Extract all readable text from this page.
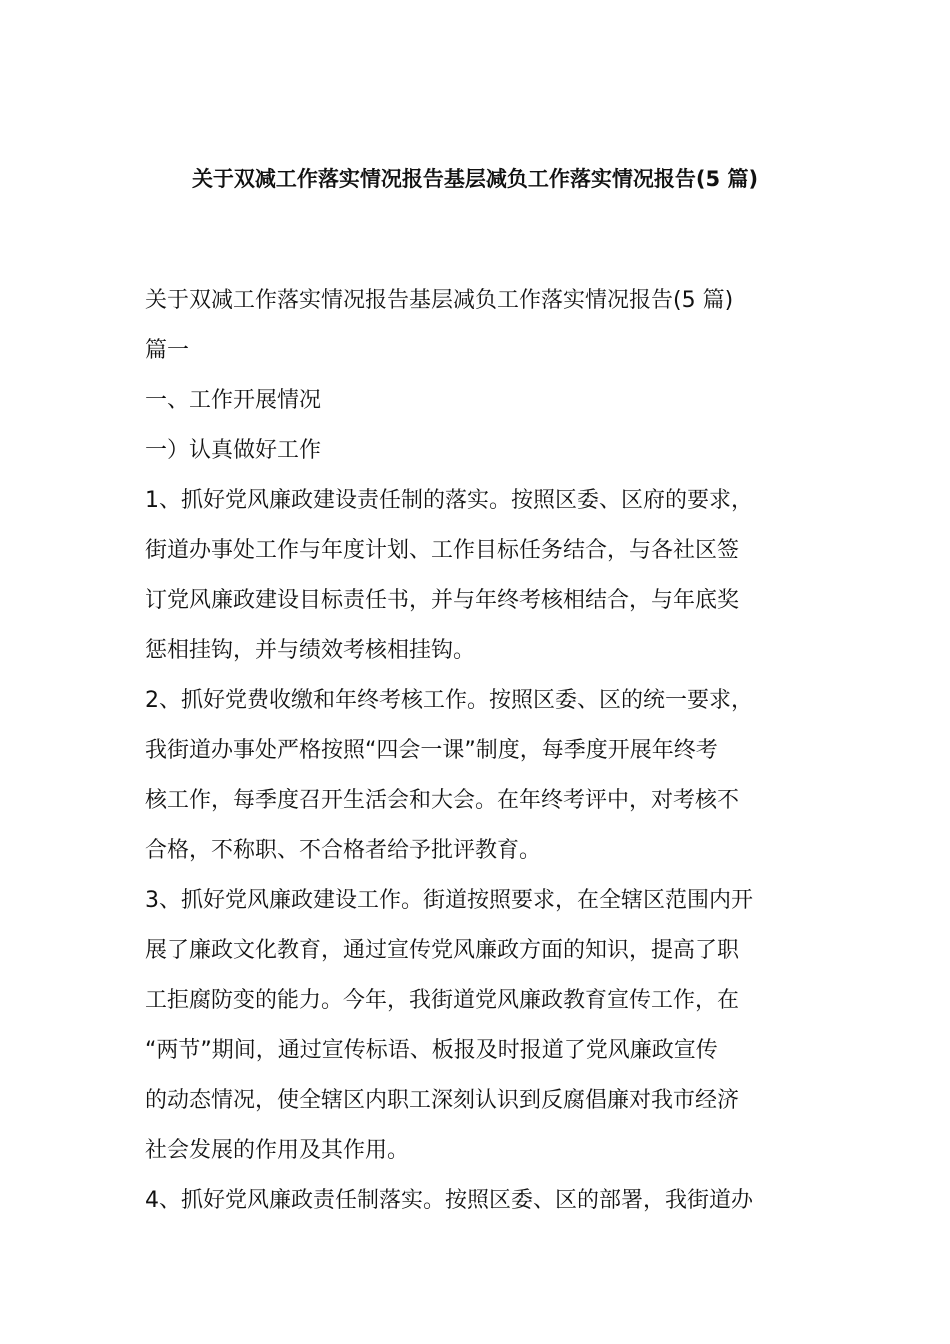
关于双减工作落实情况报告基层减负工作落实情况报告(5 篇)

关于双减工作落实情况报告基层减负工作落实情况报告(5 篇)

篇一

一、工作开展情况

一）认真做好工作

1、抓好党风廉政建设责任制的落实。按照区委、区府的要求，

街道办事处工作与年度计划、工作目标任务结合，与各社区签

订党风廉政建设目标责任书，并与年终考核相结合，与年底奖

惩相挂钩，并与绩效考核相挂钩。

2、抓好党费收缴和年终考核工作。按照区委、区的统一要求，

我街道办事处严格按照“四会一课”制度，每季度开展年终考

核工作，每季度召开生活会和大会。在年终考评中，对考核不

合格，不称职、不合格者给予批评教育。

3、抓好党风廉政建设工作。街道按照要求，在全辖区范围内开

展了廉政文化教育，通过宣传党风廉政方面的知识，提高了职

工拒腐防变的能力。今年，我街道党风廉政教育宣传工作，在

“两节”期间，通过宣传标语、板报及时报道了党风廉政宣传

的动态情况，使全辖区内职工深刻认识到反腐倡廉对我市经济

社会发展的作用及其作用。

4、抓好党风廉政责任制落实。按照区委、区的部署，我街道办
